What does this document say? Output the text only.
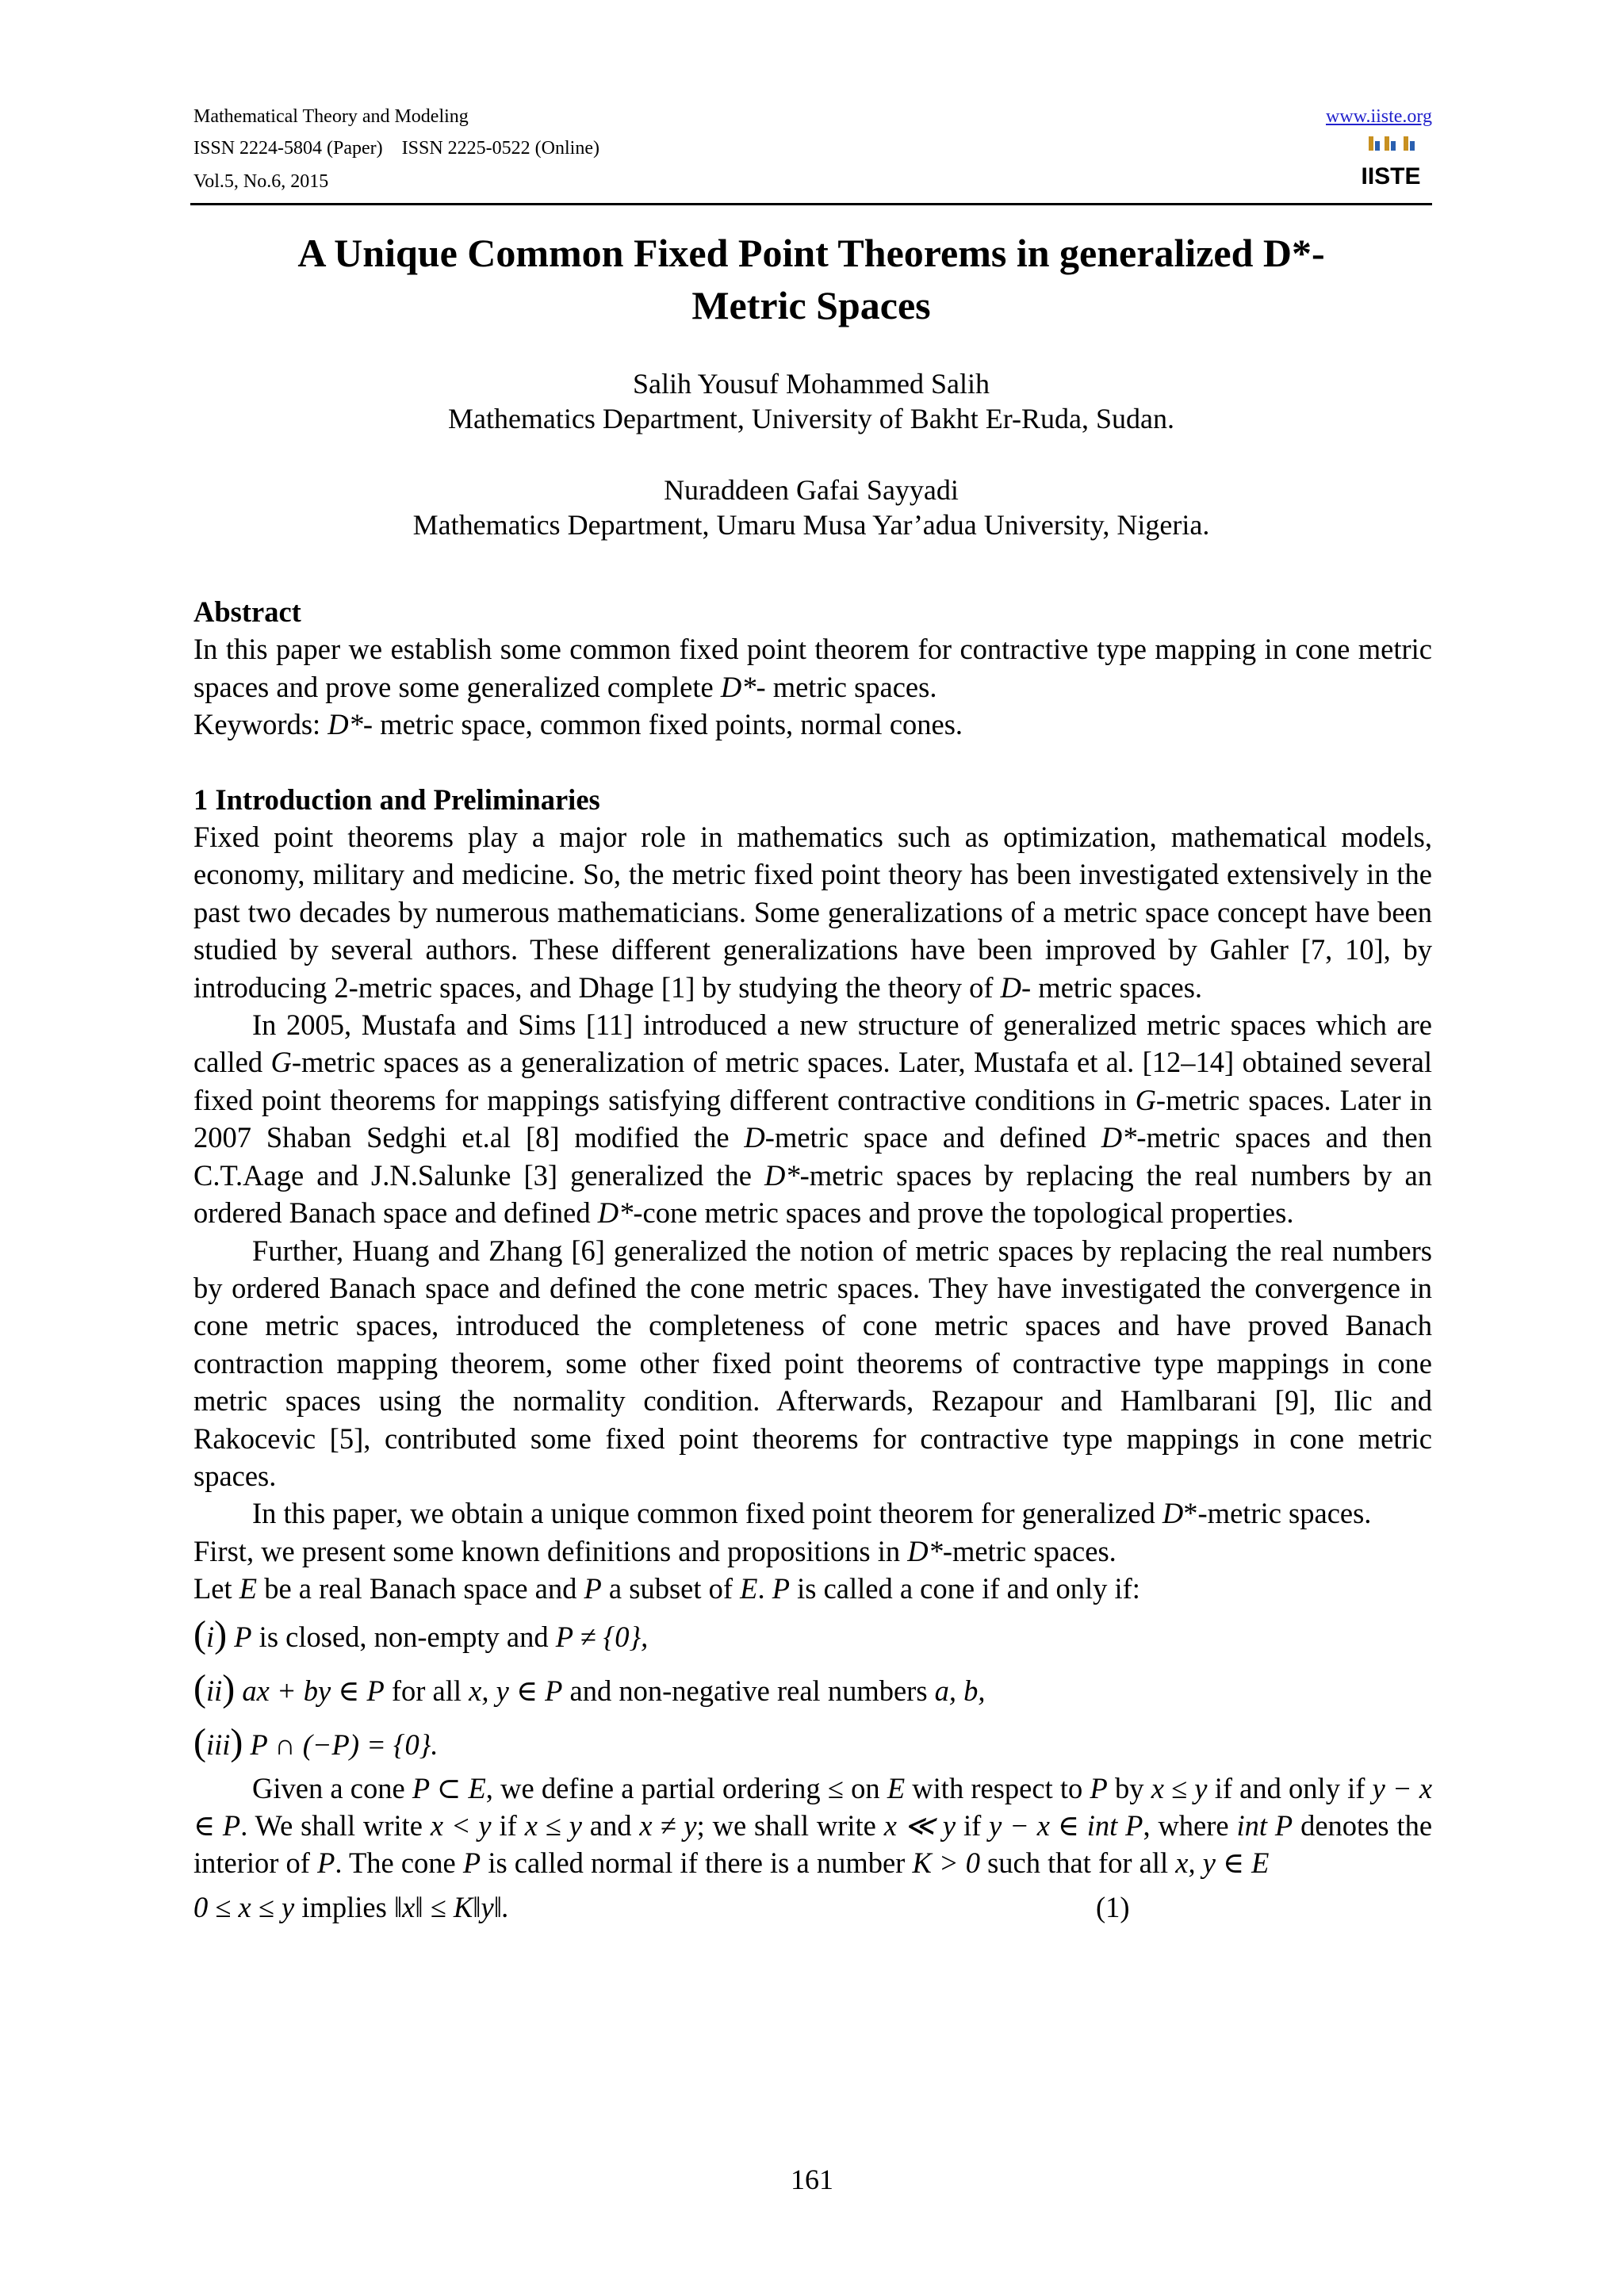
Mathematical Theory and Modeling
ISSN 2224-5804 (Paper)    ISSN 2225-0522 (Online)
Vol.5, No.6, 2015
www.iiste.org
IISTE
A Unique Common Fixed Point Theorems in generalized D*-
Metric Spaces
Salih Yousuf Mohammed Salih
Mathematics Department, University of Bakht Er-Ruda, Sudan.
Nuraddeen Gafai Sayyadi
Mathematics Department, Umaru Musa Yar’adua University, Nigeria.

Abstract

In this paper we establish some common fixed point theorem for contractive type mapping in cone metric spaces and prove some generalized complete D*- metric spaces.

Keywords: D*- metric space, common fixed points, normal cones.

1 Introduction and Preliminaries

Fixed point theorems play a major role in mathematics such as optimization, mathematical models, economy, military and medicine. So, the metric fixed point theory has been investigated extensively in the past two decades by numerous mathematicians. Some generalizations of a metric space concept have been studied by several authors. These different generalizations have been improved by Gahler [7, 10], by introducing 2-metric spaces, and Dhage [1] by studying the theory of D- metric spaces.

In 2005, Mustafa and Sims [11] introduced a new structure of generalized metric spaces which are called G-metric spaces as a generalization of metric spaces. Later, Mustafa et al. [12–14] obtained several fixed point theorems for mappings satisfying different contractive conditions in G-metric spaces. Later in 2007 Shaban Sedghi et.al [8] modified the D-metric space and defined D*-metric spaces and then C.T.Aage and J.N.Salunke [3] generalized the D*-metric spaces by replacing the real numbers by an ordered Banach space and defined D*-cone metric spaces and prove the topological properties.

Further, Huang and Zhang [6] generalized the notion of metric spaces by replacing the real numbers by ordered Banach space and defined the cone metric spaces. They have investigated the convergence in cone metric spaces, introduced the completeness of cone metric spaces and have proved Banach contraction mapping theorem, some other fixed point theorems of contractive type mappings in cone metric spaces using the normality condition. Afterwards, Rezapour and Hamlbarani [9], Ilic and Rakocevic [5], contributed some fixed point theorems for contractive type mappings in cone metric spaces.

In this paper, we obtain a unique common fixed point theorem for generalized D*-metric spaces.

First, we present some known definitions and propositions in D*-metric spaces.

Let E be a real Banach space and P a subset of E. P is called a cone if and only if:

(i) P is closed, non-empty and P ≠ {0},

(ii) ax + by ∈ P for all x, y ∈ P and non-negative real numbers a, b,

(iii) P ∩ (−P) = {0}.

Given a cone P ⊂ E, we define a partial ordering ≤ on E with respect to P by x ≤ y if and only if y − x ∈ P. We shall write x < y if x ≤ y and x ≠ y; we shall write x ≪ y if y − x ∈ int P, where int P denotes the interior of P. The cone P is called normal if there is a number K > 0 such that for all x, y ∈ E

0 ≤ x ≤ y implies ‖x‖ ≤ K‖y‖.	(1)
161
